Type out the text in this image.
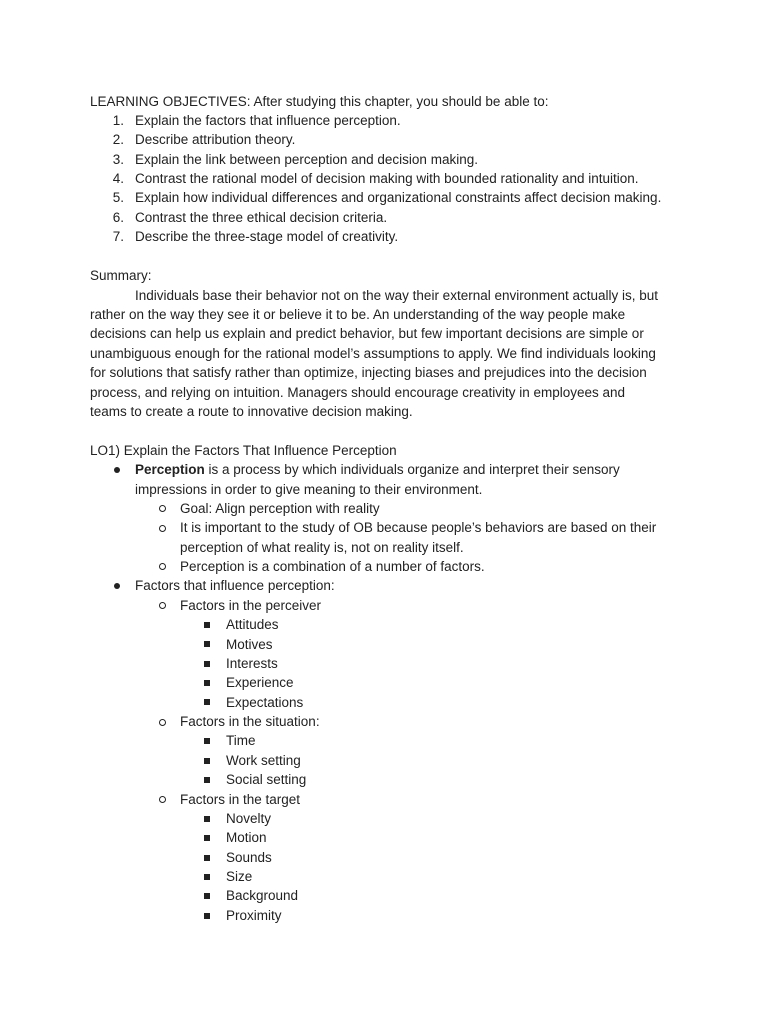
LEARNING OBJECTIVES: After studying this chapter, you should be able to:
1. Explain the factors that influence perception.
2. Describe attribution theory.
3. Explain the link between perception and decision making.
4. Contrast the rational model of decision making with bounded rationality and intuition.
5. Explain how individual differences and organizational constraints affect decision making.
6. Contrast the three ethical decision criteria.
7. Describe the three-stage model of creativity.
Summary:
Individuals base their behavior not on the way their external environment actually is, but
rather on the way they see it or believe it to be. An understanding of the way people make
decisions can help us explain and predict behavior, but few important decisions are simple or
unambiguous enough for the rational model’s assumptions to apply. We find individuals looking
for solutions that satisfy rather than optimize, injecting biases and prejudices into the decision
process, and relying on intuition. Managers should encourage creativity in employees and
teams to create a route to innovative decision making.
LO1) Explain the Factors That Influence Perception
Perception is a process by which individuals organize and interpret their sensory
impressions in order to give meaning to their environment.
Goal: Align perception with reality
It is important to the study of OB because people’s behaviors are based on their
perception of what reality is, not on reality itself.
Perception is a combination of a number of factors.
Factors that influence perception:
Factors in the perceiver
Attitudes
Motives
Interests
Experience
Expectations
Factors in the situation:
Time
Work setting
Social setting
Factors in the target
Novelty
Motion
Sounds
Size
Background
Proximity
